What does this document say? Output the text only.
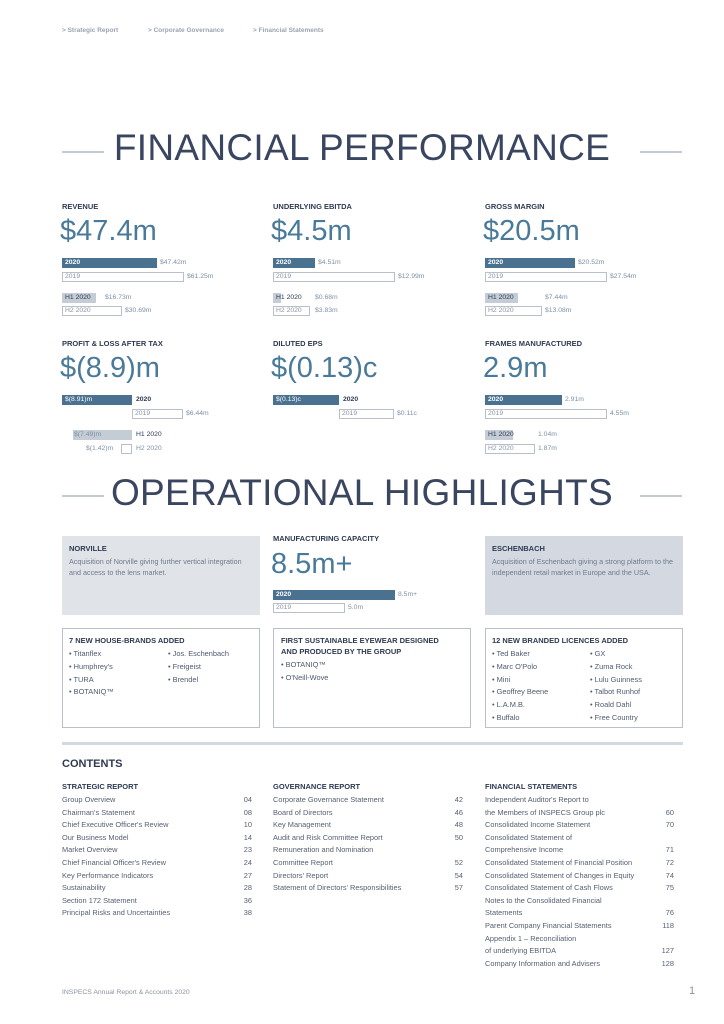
> Strategic Report	> Corporate Governance	> Financial Statements
FINANCIAL PERFORMANCE
REVENUE
$47.4m
2020	$47.42m
2019	$61.25m
H1 2020 $16.73m
H2 2020	$30.69m
UNDERLYING EBITDA
$4.5m
2020	$4.51m
2019	$12.99m
H1 2020 $0.68m
H2 2020 $3.83m
GROSS MARGIN
$20.5m
2020	$20.52m
2019	$27.54m
H1 2020	$7.44m
H2 2020	$13.08m
PROFIT & LOSS AFTER TAX
$(8.9)m
$(8.91)m	2020
2019	$6.44m
$(7.49)m	H1 2020
$(1.42)m	H2 2020
DILUTED EPS
$(0.13)c
$(0.13)c	2020
2019	$0.11c
FRAMES MANUFACTURED
2.9m
2020	2.91m
2019	4.55m
H1 2020	1.04m
H2 2020	1.87m
OPERATIONAL HIGHLIGHTS
NORVILLE
Acquisition of Norville giving further vertical integration and access to the lens market.
MANUFACTURING CAPACITY
8.5m+
2020	8.5m+
2019	5.0m
ESCHENBACH
Acquisition of Eschenbach giving a strong platform to the independent retail market in Europe and the USA.
7 NEW HOUSE-BRANDS ADDED
• Titanflex
• Humphrey's
• TURA
• BOTANIQ™
• Jos. Eschenbach
• Freigeist
• Brendel
FIRST SUSTAINABLE EYEWEAR DESIGNED
AND PRODUCED BY THE GROUP
• BOTANIQ™
• O'Neill-Wove
12 NEW BRANDED LICENCES ADDED
• Ted Baker
• Marc O'Polo
• Mini
• Geoffrey Beene
• L.A.M.B.
• Buffalo
• GX
• Zuma Rock
• Lulu Guinness
• Talbot Runhof
• Roald Dahl
• Free Country
CONTENTS
STRATEGIC REPORT
Group Overview	04
Chairman's Statement	08
Chief Executive Officer's Review	10
Our Business Model	14
Market Overview	23
Chief Financial Officer's Review	24
Key Performance Indicators	27
Sustainability	28
Section 172 Statement	36
Principal Risks and Uncertainties	38
GOVERNANCE REPORT
Corporate Governance Statement	42
Board of Directors	46
Key Management	48
Audit and Risk Committee Report	50
Remuneration and Nomination
Committee Report	52
Directors' Report	54
Statement of Directors' Responsibilities	57
FINANCIAL STATEMENTS
Independent Auditor's Report to
the Members of INSPECS Group plc	60
Consolidated Income Statement	70
Consolidated Statement of
Comprehensive Income	71
Consolidated Statement of Financial Position	72
Consolidated Statement of Changes in Equity	74
Consolidated Statement of Cash Flows	75
Notes to the Consolidated Financial
Statements	76
Parent Company Financial Statements	118
Appendix 1 – Reconciliation
of underlying EBITDA	127
Company Information and Advisers	128
INSPECS Annual Report & Accounts 2020	1
